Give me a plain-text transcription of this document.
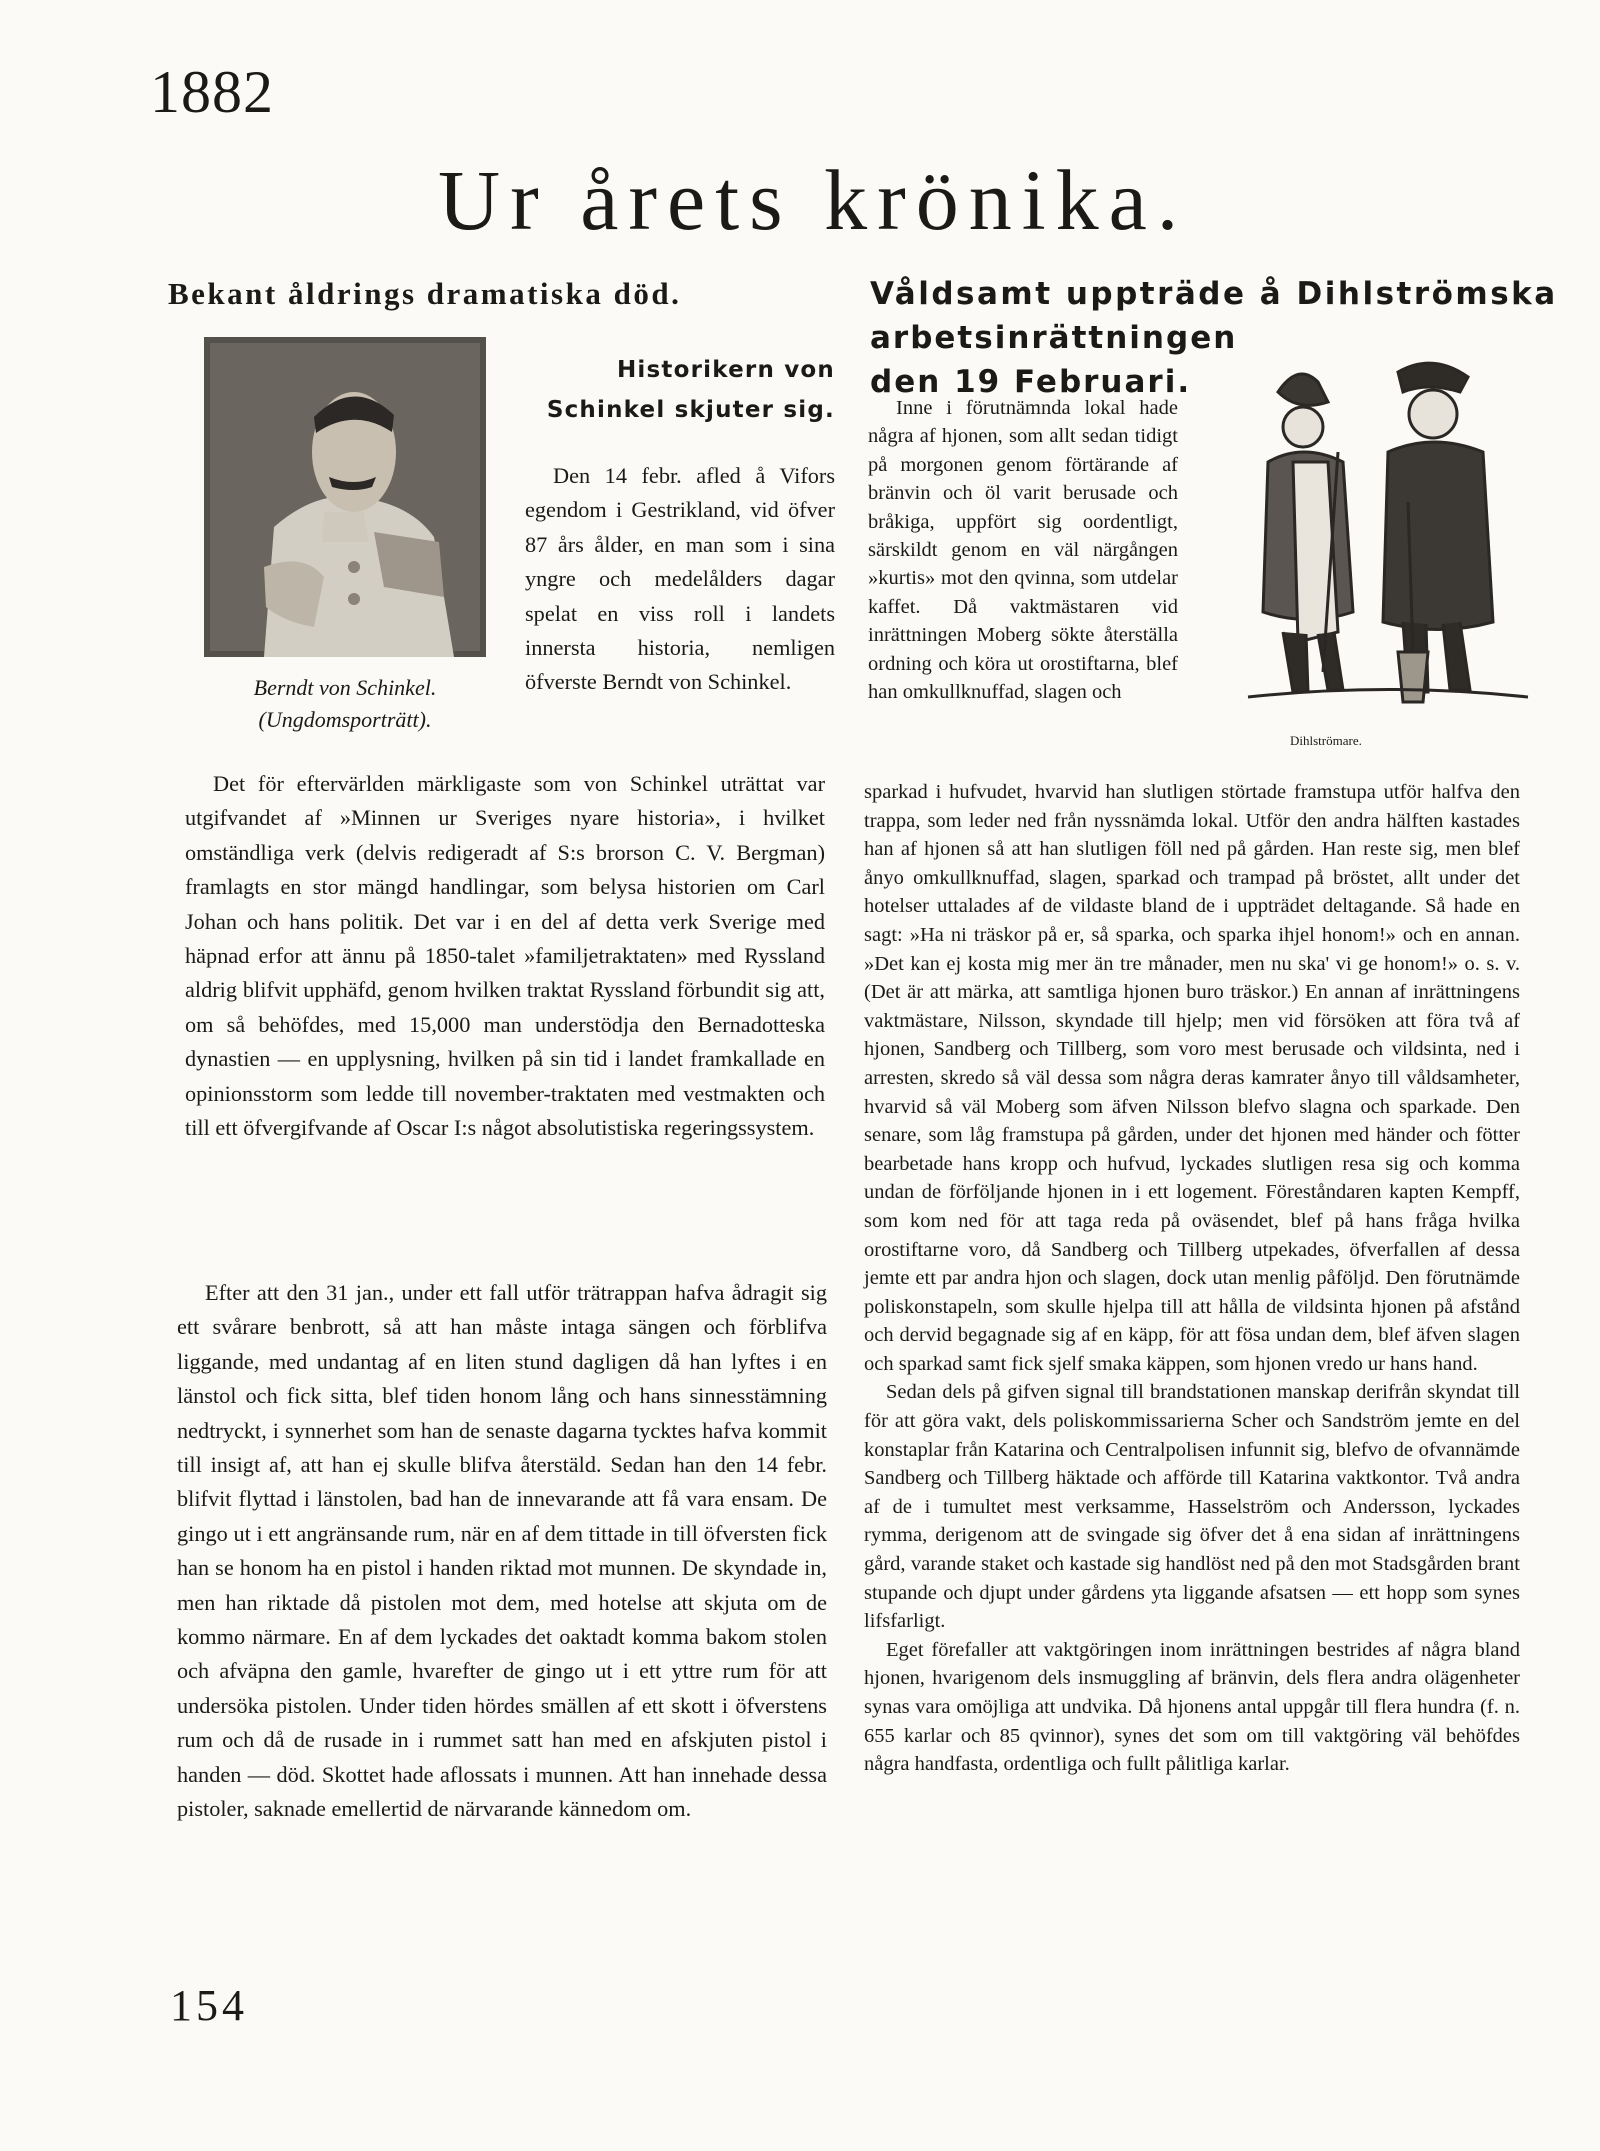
1882
Ur årets krönika.
Bekant åldrings dramatiska död.
Berndt von Schinkel.
(Ungdomsporträtt).
Historikern von Schinkel skjuter sig.

Den 14 febr. afled å Vifors egendom i Gestrikland, vid öfver 87 års ålder, en man som i sina yngre och medelålders dagar spelat en viss roll i landets innersta historia, nemligen öfverste Berndt von Schinkel.

Det för eftervärlden märkligaste som von Schinkel uträttat var utgifvandet af »Minnen ur Sveriges nyare historia», i hvilket omständliga verk (delvis redigeradt af S:s brorson C. V. Bergman) framlagts en stor mängd handlingar, som belysa historien om Carl Johan och hans politik. Det var i en del af detta verk Sverige med häpnad erfor att ännu på 1850-talet »familjetraktaten» med Ryssland aldrig blifvit upphäfd, genom hvilken traktat Ryssland förbundit sig att, om så behöfdes, med 15,000 man understödja den Bernadotteska dynastien — en upplysning, hvilken på sin tid i landet framkallade en opinionsstorm som ledde till november-traktaten med vestmakten och till ett öfvergifvande af Oscar I:s något absolutistiska regeringssystem.

Efter att den 31 jan., under ett fall utför trätrappan hafva ådragit sig ett svårare benbrott, så att han måste intaga sängen och förblifva liggande, med undantag af en liten stund dagligen då han lyftes i en länstol och fick sitta, blef tiden honom lång och hans sinnesstämning nedtryckt, i synnerhet som han de senaste dagarna tycktes hafva kommit till insigt af, att han ej skulle blifva återstäld. Sedan han den 14 febr. blifvit flyttad i länstolen, bad han de innevarande att få vara ensam. De gingo ut i ett angränsande rum, när en af dem tittade in till öfversten fick han se honom ha en pistol i handen riktad mot munnen. De skyndade in, men han riktade då pistolen mot dem, med hotelse att skjuta om de kommo närmare. En af dem lyckades det oaktadt komma bakom stolen och afväpna den gamle, hvarefter de gingo ut i ett yttre rum för att undersöka pistolen. Under tiden hördes smällen af ett skott i öfverstens rum och då de rusade in i rummet satt han med en afskjuten pistol i handen — död. Skottet hade aflossats i munnen. Att han innehade dessa pistoler, saknade emellertid de närvarande kännedom om.

Våldsamt uppträde å Dihlströmska
arbetsinrättningen
den 19 Februari.

Inne i förutnämnda lokal hade några af hjonen, som allt sedan tidigt på morgonen genom förtärande af bränvin och öl varit berusade och bråkiga, uppfört sig oordentligt, särskildt genom en väl närgången »kurtis» mot den qvinna, som utdelar kaffet. Då vaktmästaren vid inrättningen Moberg sökte återställa ordning och köra ut orostiftarna, blef han omkullknuffad, slagen och

Dihlströmare.

sparkad i hufvudet, hvarvid han slutligen störtade framstupa utför halfva den trappa, som leder ned från nyssnämda lokal. Utför den andra hälften kastades han af hjonen så att han slutligen föll ned på gården. Han reste sig, men blef ånyo omkullknuffad, slagen, sparkad och trampad på bröstet, allt under det hotelser uttalades af de vildaste bland de i uppträdet deltagande. Så hade en sagt: »Ha ni träskor på er, så sparka, och sparka ihjel honom!» och en annan. »Det kan ej kosta mig mer än tre månader, men nu ska' vi ge honom!» o. s. v. (Det är att märka, att samtliga hjonen buro träskor.) En annan af inrättningens vaktmästare, Nilsson, skyndade till hjelp; men vid försöken att föra två af hjonen, Sandberg och Tillberg, som voro mest berusade och vildsinta, ned i arresten, skredo så väl dessa som några deras kamrater ånyo till våldsamheter, hvarvid så väl Moberg som äfven Nilsson blefvo slagna och sparkade. Den senare, som låg framstupa på gården, under det hjonen med händer och fötter bearbetade hans kropp och hufvud, lyckades slutligen resa sig och komma undan de förföljande hjonen in i ett logement. Föreståndaren kapten Kempff, som kom ned för att taga reda på oväsendet, blef på hans fråga hvilka orostiftarne voro, då Sandberg och Tillberg utpekades, öfverfallen af dessa jemte ett par andra hjon och slagen, dock utan menlig påföljd. Den förutnämde poliskonstapeln, som skulle hjelpa till att hålla de vildsinta hjonen på afstånd och dervid begagnade sig af en käpp, för att fösa undan dem, blef äfven slagen och sparkad samt fick sjelf smaka käppen, som hjonen vredo ur hans hand.

Sedan dels på gifven signal till brandstationen manskap derifrån skyndat till för att göra vakt, dels poliskommissarierna Scher och Sandström jemte en del konstaplar från Katarina och Centralpolisen infunnit sig, blefvo de ofvannämde Sandberg och Tillberg häktade och afförde till Katarina vaktkontor. Två andra af de i tumultet mest verksamme, Hasselström och Andersson, lyckades rymma, derigenom att de svingade sig öfver det å ena sidan af inrättningens gård, varande staket och kastade sig handlöst ned på den mot Stadsgården brant stupande och djupt under gårdens yta liggande afsatsen — ett hopp som synes lifsfarligt.

Eget förefaller att vaktgöringen inom inrättningen bestrides af några bland hjonen, hvarigenom dels insmuggling af bränvin, dels flera andra olägenheter synas vara omöjliga att undvika. Då hjonens antal uppgår till flera hundra (f. n. 655 karlar och 85 qvinnor), synes det som om till vaktgöring väl behöfdes några handfasta, ordentliga och fullt pålitliga karlar.

154
